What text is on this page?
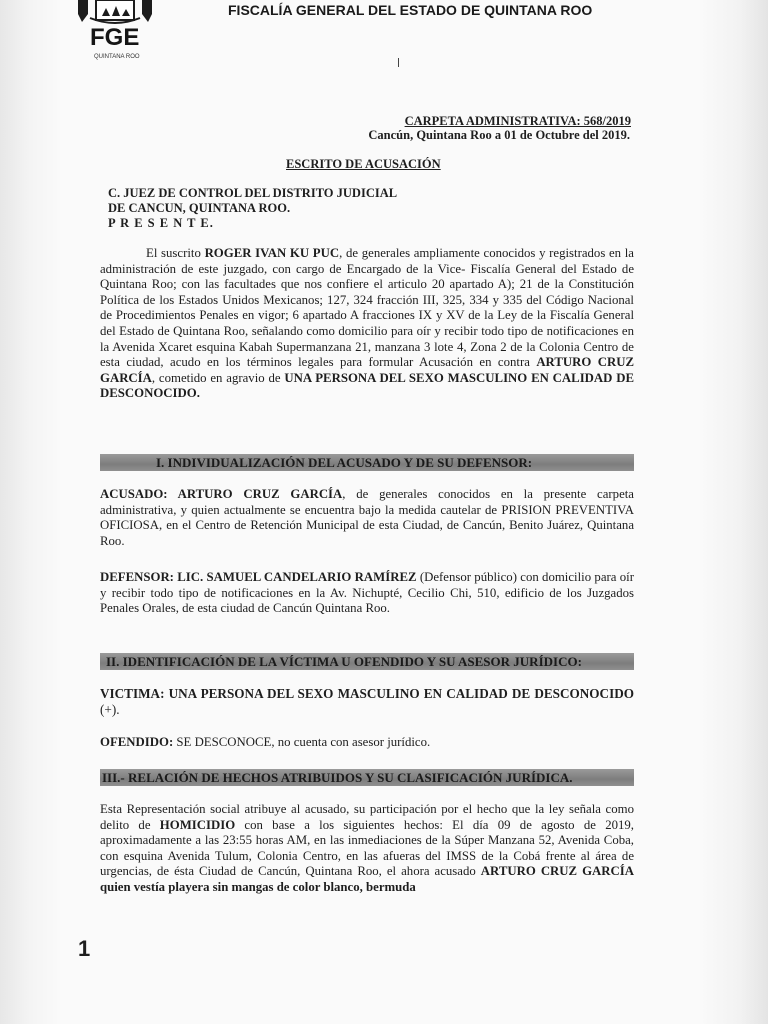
FGE
QUINTANA ROO
FISCALÍA GENERAL DEL ESTADO DE QUINTANA ROO
CARPETA ADMINISTRATIVA: 568/2019
Cancún, Quintana Roo a 01 de Octubre del 2019.
ESCRITO DE ACUSACIÓN
C. JUEZ DE CONTROL DEL DISTRITO JUDICIAL
DE CANCUN, QUINTANA ROO.
P R E S E N T E.
El suscrito ROGER IVAN KU PUC, de generales ampliamente conocidos y registrados en la administración de este juzgado, con cargo de Encargado de la Vice- Fiscalía General del Estado de Quintana Roo; con las facultades que nos confiere el articulo 20 apartado A); 21 de la Constitución Política de los Estados Unidos Mexicanos; 127, 324 fracción III, 325, 334 y 335 del Código Nacional de Procedimientos Penales en vigor; 6 apartado A fracciones IX y XV de la Ley de la Fiscalía General del Estado de Quintana Roo, señalando como domicilio para oír y recibir todo tipo de notificaciones en la Avenida Xcaret esquina Kabah Supermanzana 21, manzana 3 lote 4, Zona 2 de la Colonia Centro de esta ciudad, acudo en los términos legales para formular Acusación en contra ARTURO CRUZ GARCÍA, cometido en agravio de UNA PERSONA DEL SEXO MASCULINO EN CALIDAD DE DESCONOCIDO.
I. INDIVIDUALIZACIÓN DEL ACUSADO Y DE SU DEFENSOR:
ACUSADO: ARTURO CRUZ GARCÍA, de generales conocidos en la presente carpeta administrativa, y quien actualmente se encuentra bajo la medida cautelar de PRISION PREVENTIVA OFICIOSA, en el Centro de Retención Municipal de esta Ciudad, de Cancún, Benito Juárez, Quintana Roo.
DEFENSOR: LIC. SAMUEL CANDELARIO RAMÍREZ (Defensor público) con domicilio para oír y recibir todo tipo de notificaciones en la Av. Nichupté, Cecilio Chi, 510, edificio de los Juzgados Penales Orales, de esta ciudad de Cancún Quintana Roo.
II. IDENTIFICACIÓN DE LA VÍCTIMA U OFENDIDO Y SU ASESOR JURÍDICO:
VICTIMA: UNA PERSONA DEL SEXO MASCULINO EN CALIDAD DE DESCONOCIDO (+).
OFENDIDO: SE DESCONOCE, no cuenta con asesor jurídico.
III.- RELACIÓN DE HECHOS ATRIBUIDOS Y SU CLASIFICACIÓN JURÍDICA.
Esta Representación social atribuye al acusado, su participación por el hecho que la ley señala como delito de HOMICIDIO con base a los siguientes hechos: El día 09 de agosto de 2019, aproximadamente a las 23:55 horas AM, en las inmediaciones de la Súper Manzana 52, Avenida Coba, con esquina Avenida Tulum, Colonia Centro, en las afueras del IMSS de la Cobá frente al área de urgencias, de ésta Ciudad de Cancún, Quintana Roo, el ahora acusado ARTURO CRUZ GARCÍA quien vestía playera sin mangas de color blanco, bermuda
1
